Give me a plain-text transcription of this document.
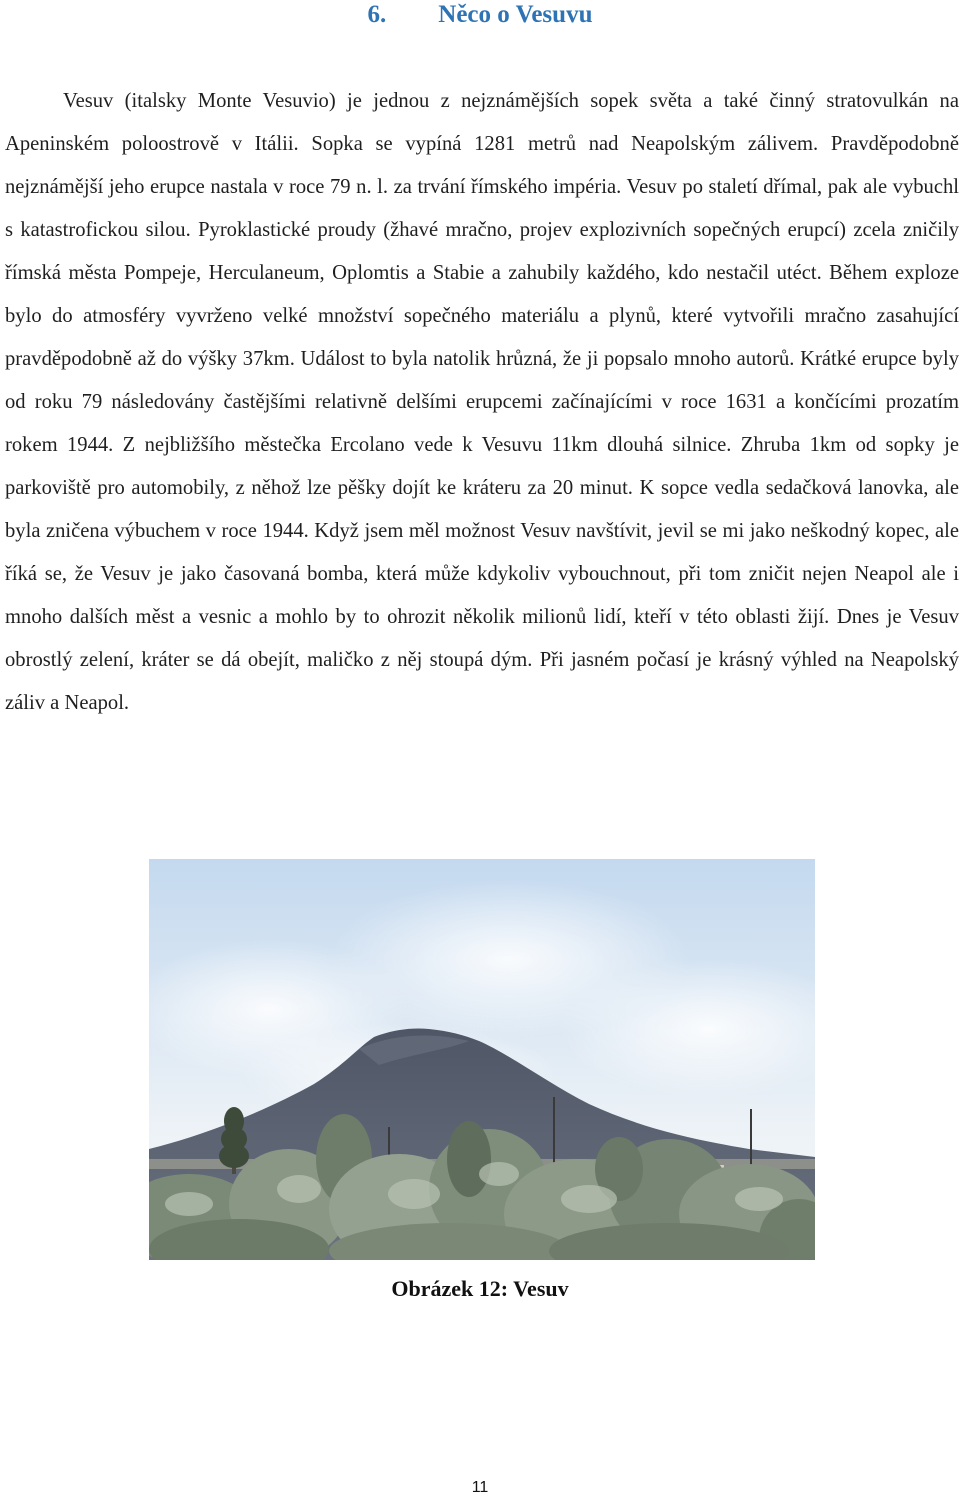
6. Něco o Vesuvu

Vesuv (italsky Monte Vesuvio) je jednou z nejznámějších sopek světa a také činný stratovulkán na Apeninském poloostrově v Itálii. Sopka se vypíná 1281 metrů nad Neapolským zálivem. Pravděpodobně nejznámější jeho erupce nastala v roce 79 n. l. za trvání římského impéria. Vesuv po staletí dřímal, pak ale vybuchl s katastrofickou silou. Pyroklastické proudy (žhavé mračno, projev explozivních sopečných erupcí) zcela zničily římská města Pompeje, Herculaneum, Oplomtis a Stabie a zahubily každého, kdo nestačil utéct. Během exploze bylo do atmosféry vyvrženo velké množství sopečného materiálu a plynů, které vytvořili mračno zasahující pravděpodobně až do výšky 37km. Událost to byla natolik hrůzná, že ji popsalo mnoho autorů. Krátké erupce byly od roku 79 následovány častějšími relativně delšími erupcemi začínajícími v roce 1631 a končícími prozatím rokem 1944. Z nejbližšího městečka Ercolano vede k Vesuvu 11km dlouhá silnice. Zhruba 1km od sopky je parkoviště pro automobily, z něhož lze pěšky dojít ke kráteru za 20 minut. K sopce vedla sedačková lanovka, ale byla zničena výbuchem v roce 1944. Když jsem měl možnost Vesuv navštívit, jevil se mi jako neškodný kopec, ale říká se, že Vesuv je jako časovaná bomba, která může kdykoliv vybouchnout, při tom zničit nejen Neapol ale i mnoho dalších měst a vesnic a mohlo by to ohrozit několik milionů lidí, kteří v této oblasti žijí. Dnes je Vesuv obrostlý zelení, kráter se dá obejít, maličko z něj stoupá dým. Při jasném počasí je krásný výhled na Neapolský záliv a Neapol.

Obrázek 12: Vesuv
11
